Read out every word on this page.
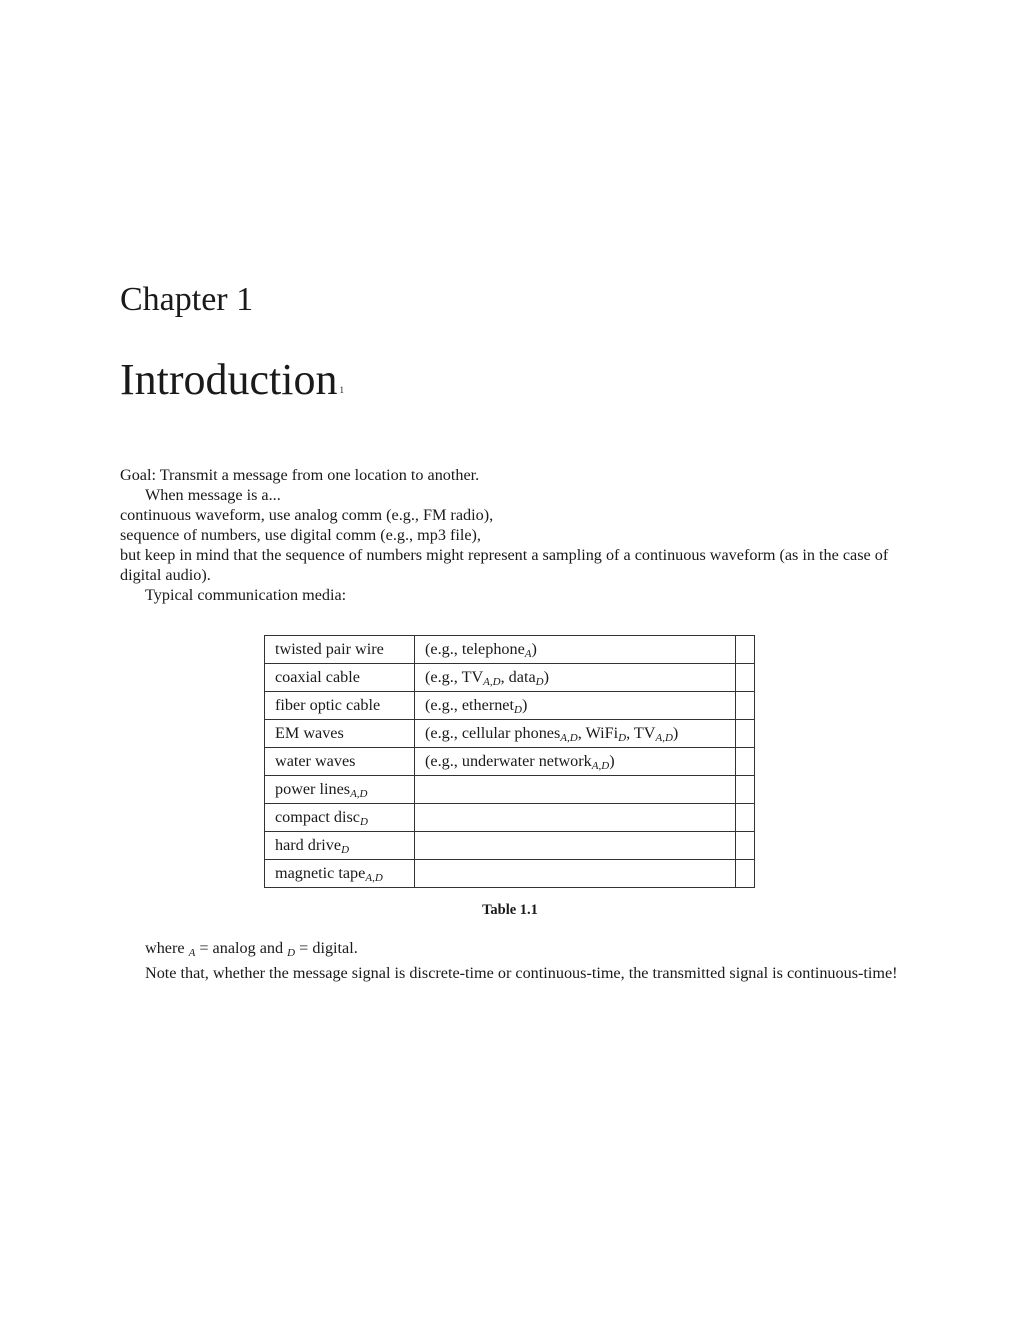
Chapter 1
Introduction $^1$

Goal: Transmit a message from one location to another.

When message is a...

continuous waveform, use analog comm (e.g., FM radio),

sequence of numbers, use digital comm (e.g., mp3 file),

but keep in mind that the sequence of numbers might represent a sampling of a continuous waveform (as in the case of digital audio).

Typical communication media:

twisted pair wire	(e.g., telephone$_A$)	
coaxial cable	(e.g., $TV_{A,D}$, data$_D$)	
fiber optic cable	(e.g., ethernet$_D$)	
EM waves	(e.g., cellular phones$_{A,D}$, WiFi$_D$, $TV_{A,D}$)	
water waves	(e.g., underwater network$_{A,D}$)	
power lines$_{A,D}$		
compact disc$_D$		
hard drive$_D$		
magnetic tape$_{A,D}$		
Table 1.1

where $_A$ = analog and $_D$ = digital.

Note that, whether the message signal is discrete-time or continuous-time, the transmitted signal is continuous-time!
